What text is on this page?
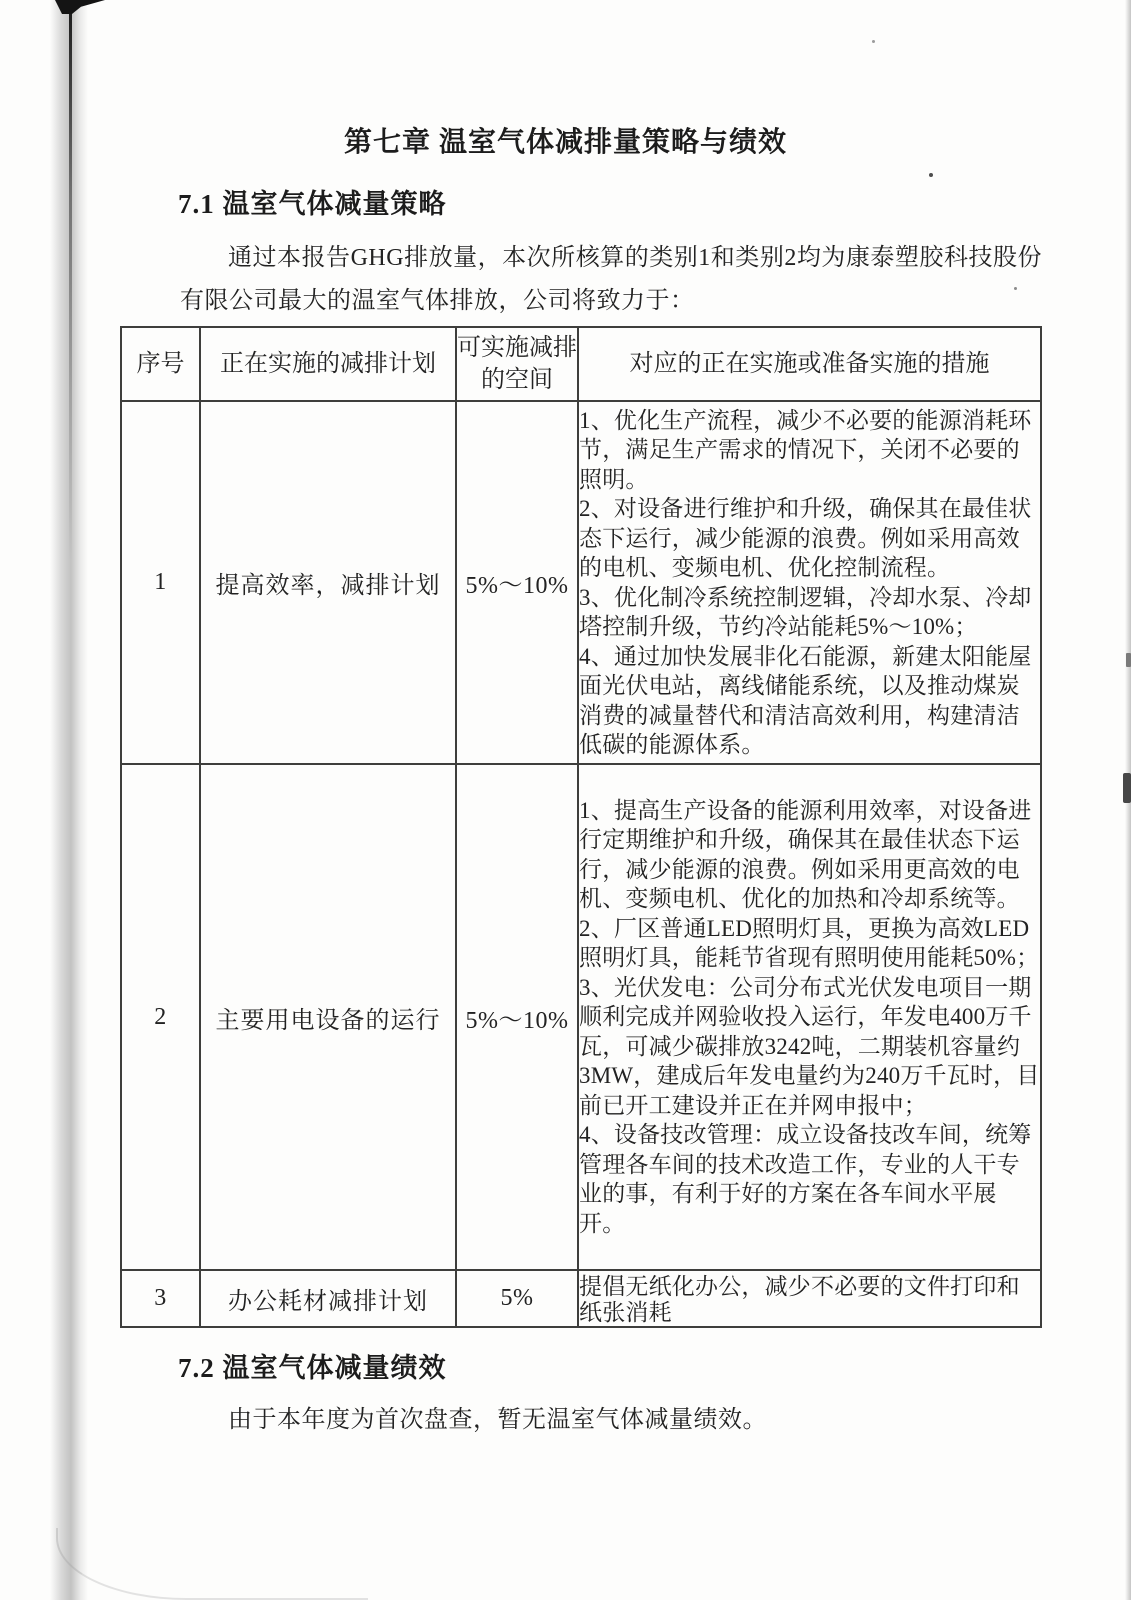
第七章 温室气体减排量策略与绩效
7.1 温室气体减量策略

通过本报告GHG排放量，本次所核算的类别1和类别2均为康泰塑胶科技股份有限公司最大的温室气体排放，公司将致力于：

序号	正在实施的减排计划	可实施减排的空间	对应的正在实施或准备实施的措施
1	提高效率，减排计划	5%～10%	1、优化生产流程，减少不必要的能源消耗环节，满足生产需求的情况下，关闭不必要的照明。
2、对设备进行维护和升级，确保其在最佳状态下运行，减少能源的浪费。例如采用高效的电机、变频电机、优化控制流程。
3、优化制冷系统控制逻辑，冷却水泵、冷却塔控制升级，节约冷站能耗5%～10%；
4、通过加快发展非化石能源，新建太阳能屋面光伏电站，离线储能系统，以及推动煤炭消费的减量替代和清洁高效利用，构建清洁低碳的能源体系。

2	主要用电设备的运行	5%～10%	1、提高生产设备的能源利用效率，对设备进行定期维护和升级，确保其在最佳状态下运行，减少能源的浪费。例如采用更高效的电机、变频电机、优化的加热和冷却系统等。
2、厂区普通LED照明灯具，更换为高效LED照明灯具，能耗节省现有照明使用能耗50%；
3、光伏发电：公司分布式光伏发电项目一期顺利完成并网验收投入运行，年发电400万千瓦，可减少碳排放3242吨，二期装机容量约3MW，建成后年发电量约为240万千瓦时，目前已开工建设并正在并网申报中；
4、设备技改管理：成立设备技改车间，统筹管理各车间的技术改造工作，专业的人干专业的事，有利于好的方案在各车间水平展开。

3	办公耗材减排计划	5%	提倡无纸化办公，减少不必要的文件打印和纸张消耗
7.2 温室气体减量绩效

由于本年度为首次盘查，暂无温室气体减量绩效。
